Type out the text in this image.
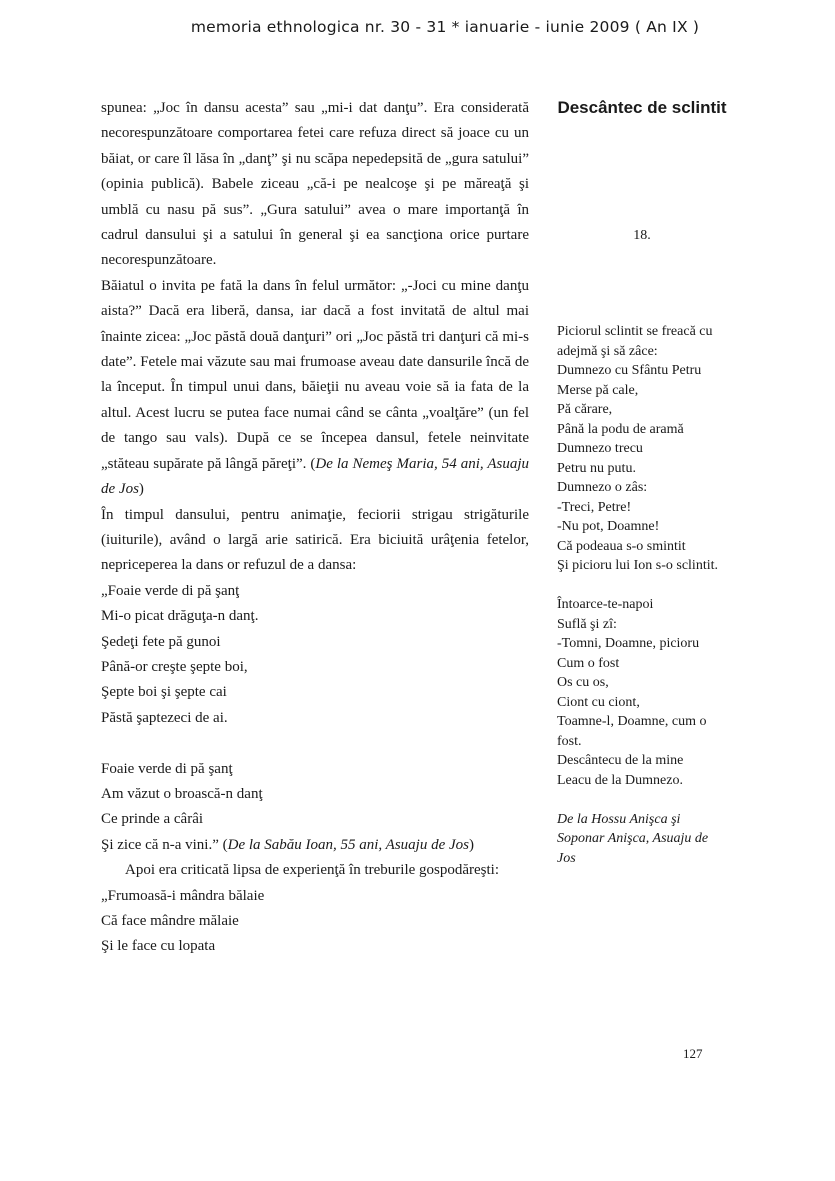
memoria ethnologica nr. 30 - 31 * ianuarie - iunie 2009 ( An IX )

spunea: „Joc în dansu acesta” sau „mi-i dat danţu”. Era considerată necorespunzătoare comportarea fetei care refuza direct să joace cu un băiat, or care îl lăsa în „danţ” şi nu scăpa nepedepsită de „gura satului” (opinia publică). Babele ziceau „că-i pe nealcoşe şi pe măreaţă şi umblă cu nasu pă sus”. „Gura satului” avea o mare importanţă în cadrul dansului şi a satului în general şi ea sancţiona orice purtare necorespunzătoare.

Băiatul o invita pe fată la dans în felul următor: „-Joci cu mine danţu aista?” Dacă era liberă, dansa, iar dacă a fost invitată de altul mai înainte zicea: „Joc păstă două danţuri” ori „Joc păstă tri danţuri că mi-s date”. Fetele mai văzute sau mai frumoase aveau date dansurile încă de la început. În timpul unui dans, băieţii nu aveau voie să ia fata de la altul. Acest lucru se putea face numai când se cânta „voalţăre” (un fel de tango sau vals). După ce se începea dansul, fetele neinvitate „stăteau supărate pă lângă păreţi”. (De la Nemeş Maria, 54 ani, Asuaju de Jos)

În timpul dansului, pentru animaţie, feciorii strigau strigăturile (iuiturile), având o largă arie satirică. Era biciuită urâţenia fetelor, nepriceperea la dans or refuzul de a dansa:

„Foaie verde di pă şanţ

Mi-o picat drăguţa-n danţ.

Şedeţi fete pă gunoi

Până-or creşte şepte boi,

Şepte boi şi şepte cai

Păstă şaptezeci de ai.

Foaie verde di pă şanţ

Am văzut o broască-n danţ

Ce prinde a cârâi

Şi zice că n-a vini.” (De la Sabău Ioan, 55 ani, Asuaju de Jos)

Apoi era criticată lipsa de experienţă în treburile gospodăreşti:

„Frumoasă-i mândra bălaie

Că face mândre mălaie

Şi le face cu lopata

Descântec de sclintit
18.

Piciorul sclintit se freacă cu adejmă şi să zâce:

Dumnezo cu Sfântu Petru

Merse pă cale,

Pă cărare,

Până la podu de aramă

Dumnezo trecu

Petru nu putu.

Dumnezo o zâs:

-Treci, Petre!

-Nu pot, Doamne!

Că podeaua s-o smintit

Şi picioru lui Ion s-o sclintit.

Întoarce-te-napoi

Suflă şi zî:

-Tomni, Doamne, picioru

Cum o fost

Os cu os,

Ciont cu ciont,

Toamne-l, Doamne, cum o fost.

Descântecu de la mine

Leacu de la Dumnezo.

De la Hossu Anişca şi Soponar Anişca, Asuaju de Jos

127
